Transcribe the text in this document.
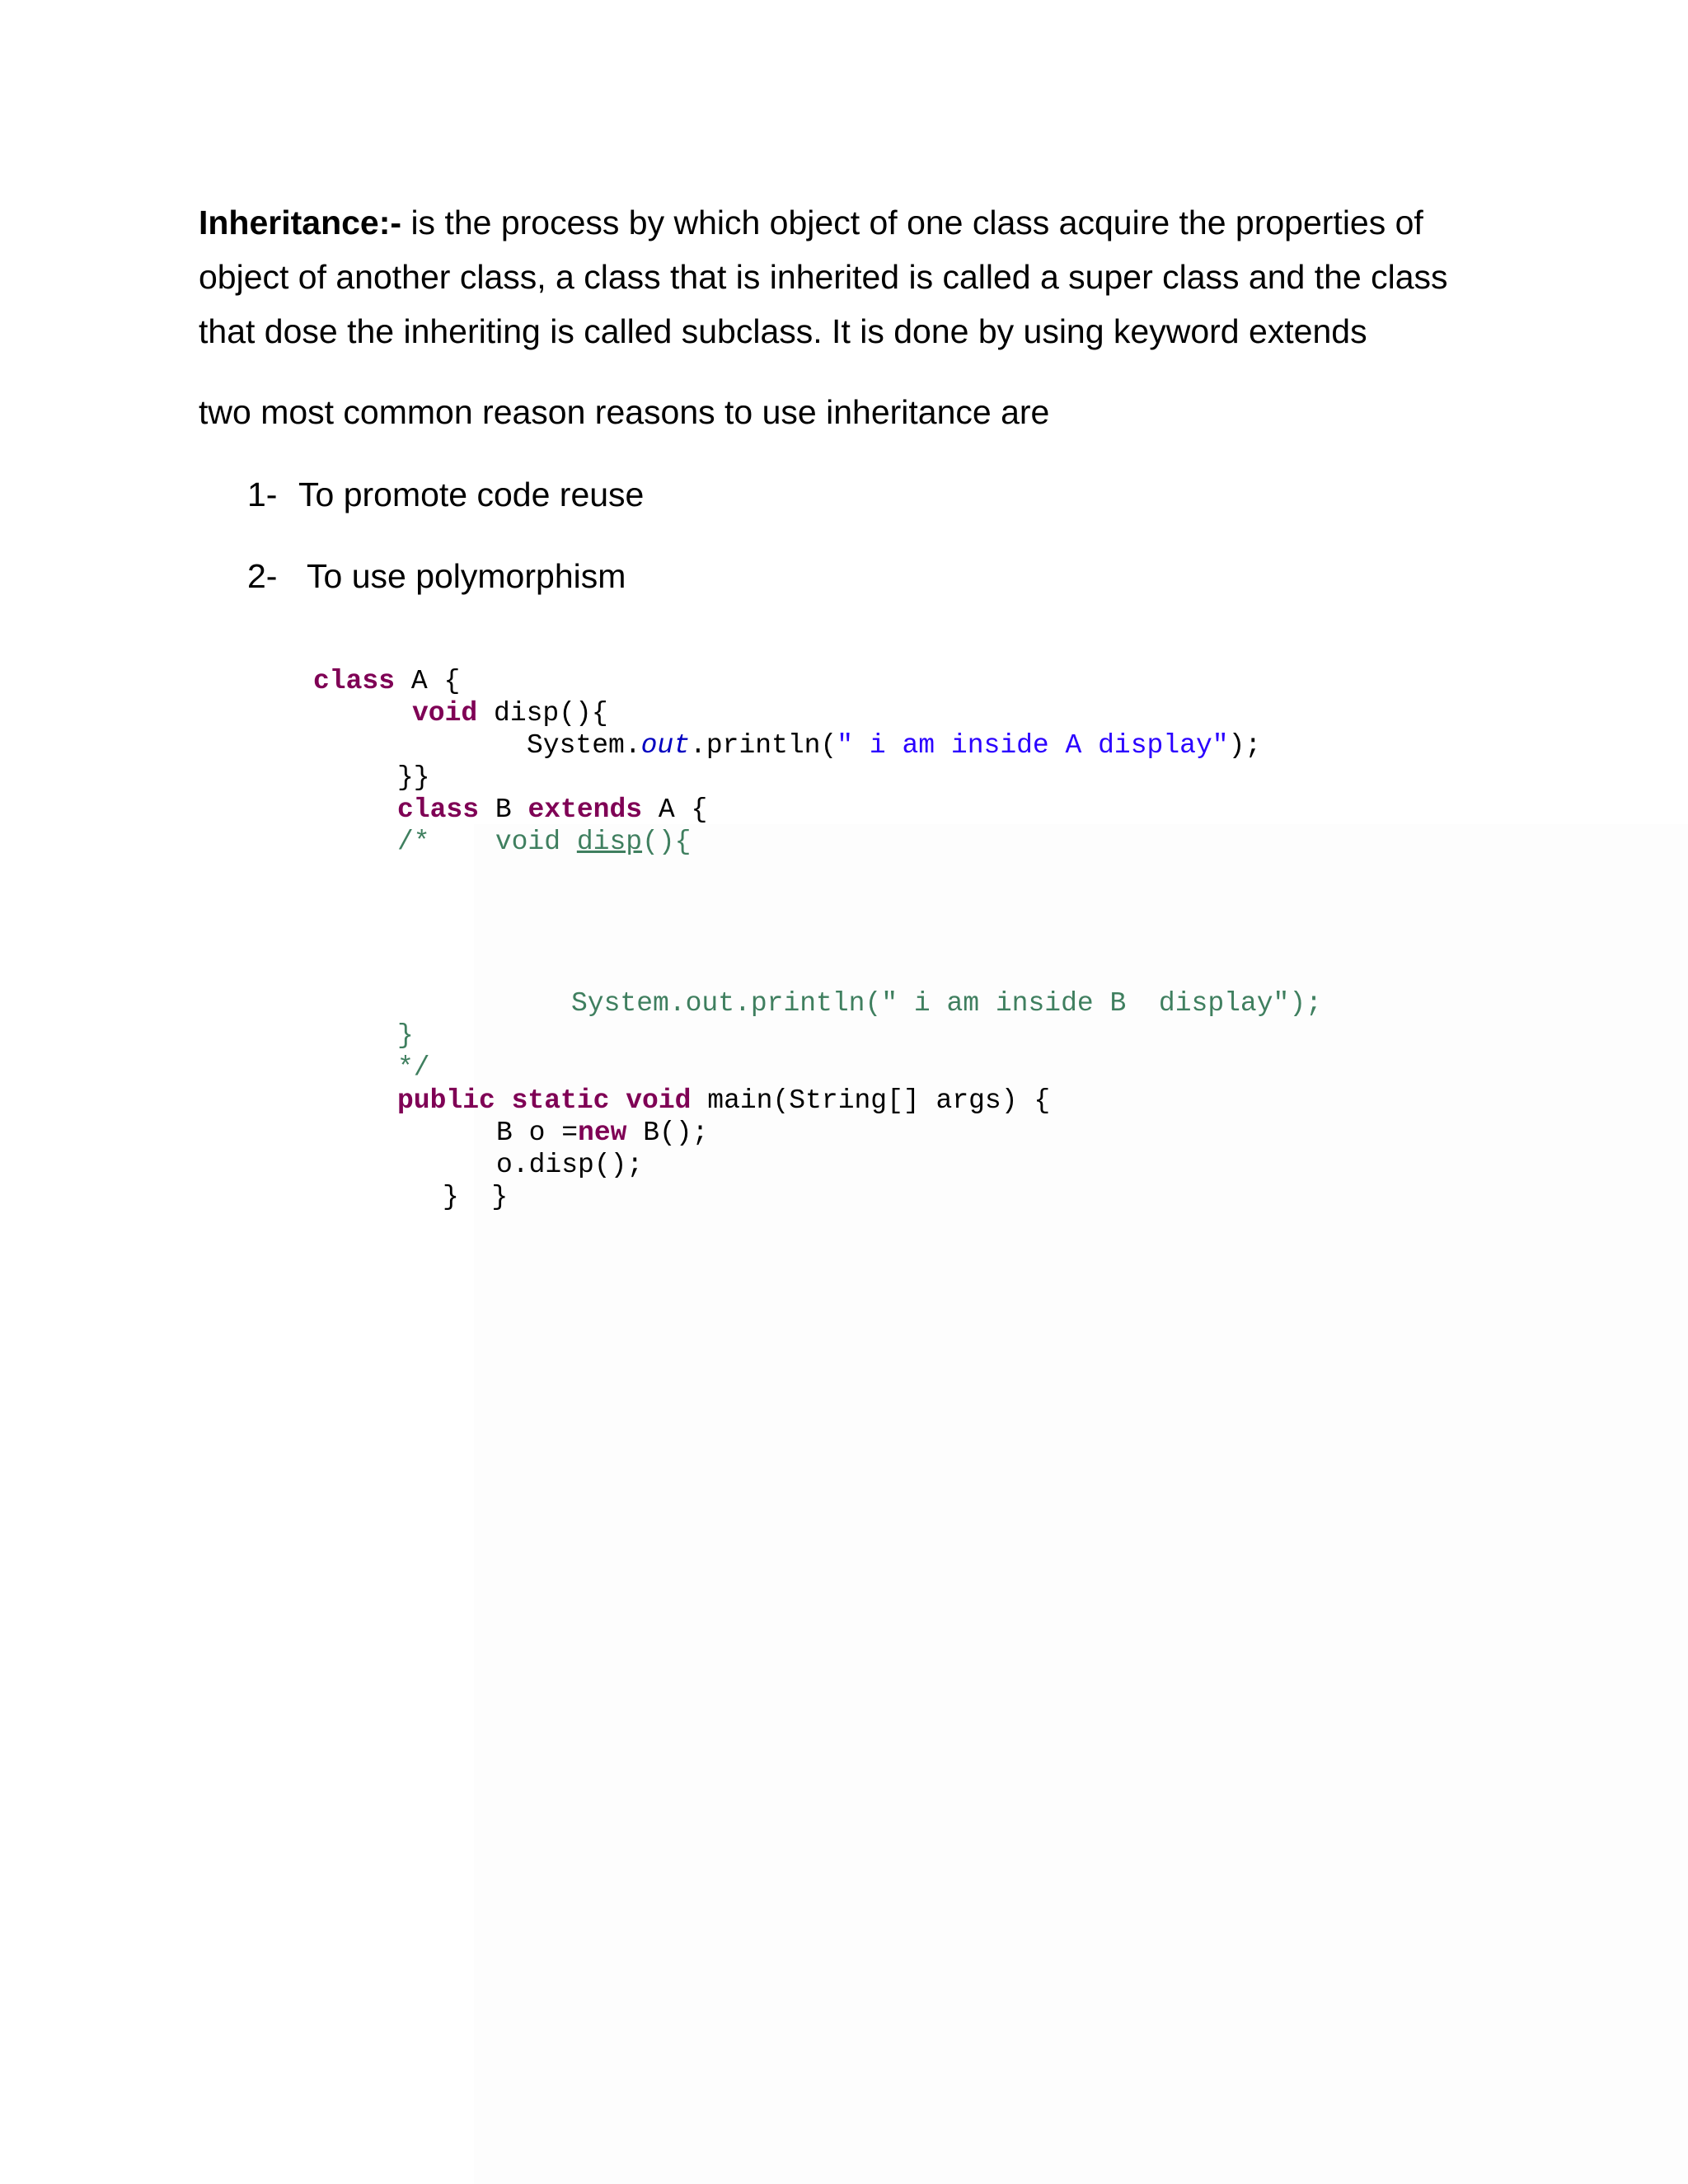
Inheritance:- is the process by which object of one class acquire the properties of
object of another class, a class that is inherited is called a super class and the class
that dose the inheriting is called subclass. It is done by using keyword extends
two most common reason reasons to use inheritance are
1- To promote code reuse
2- To use polymorphism
class A {
void disp(){
System.out.println(" i am inside A display");
}}
class B extends A {
/*    void disp(){
System.out.println(" i am inside B  display");
}
*/
public static void main(String[] args) {
B o =new B();
o.disp();
}  }
